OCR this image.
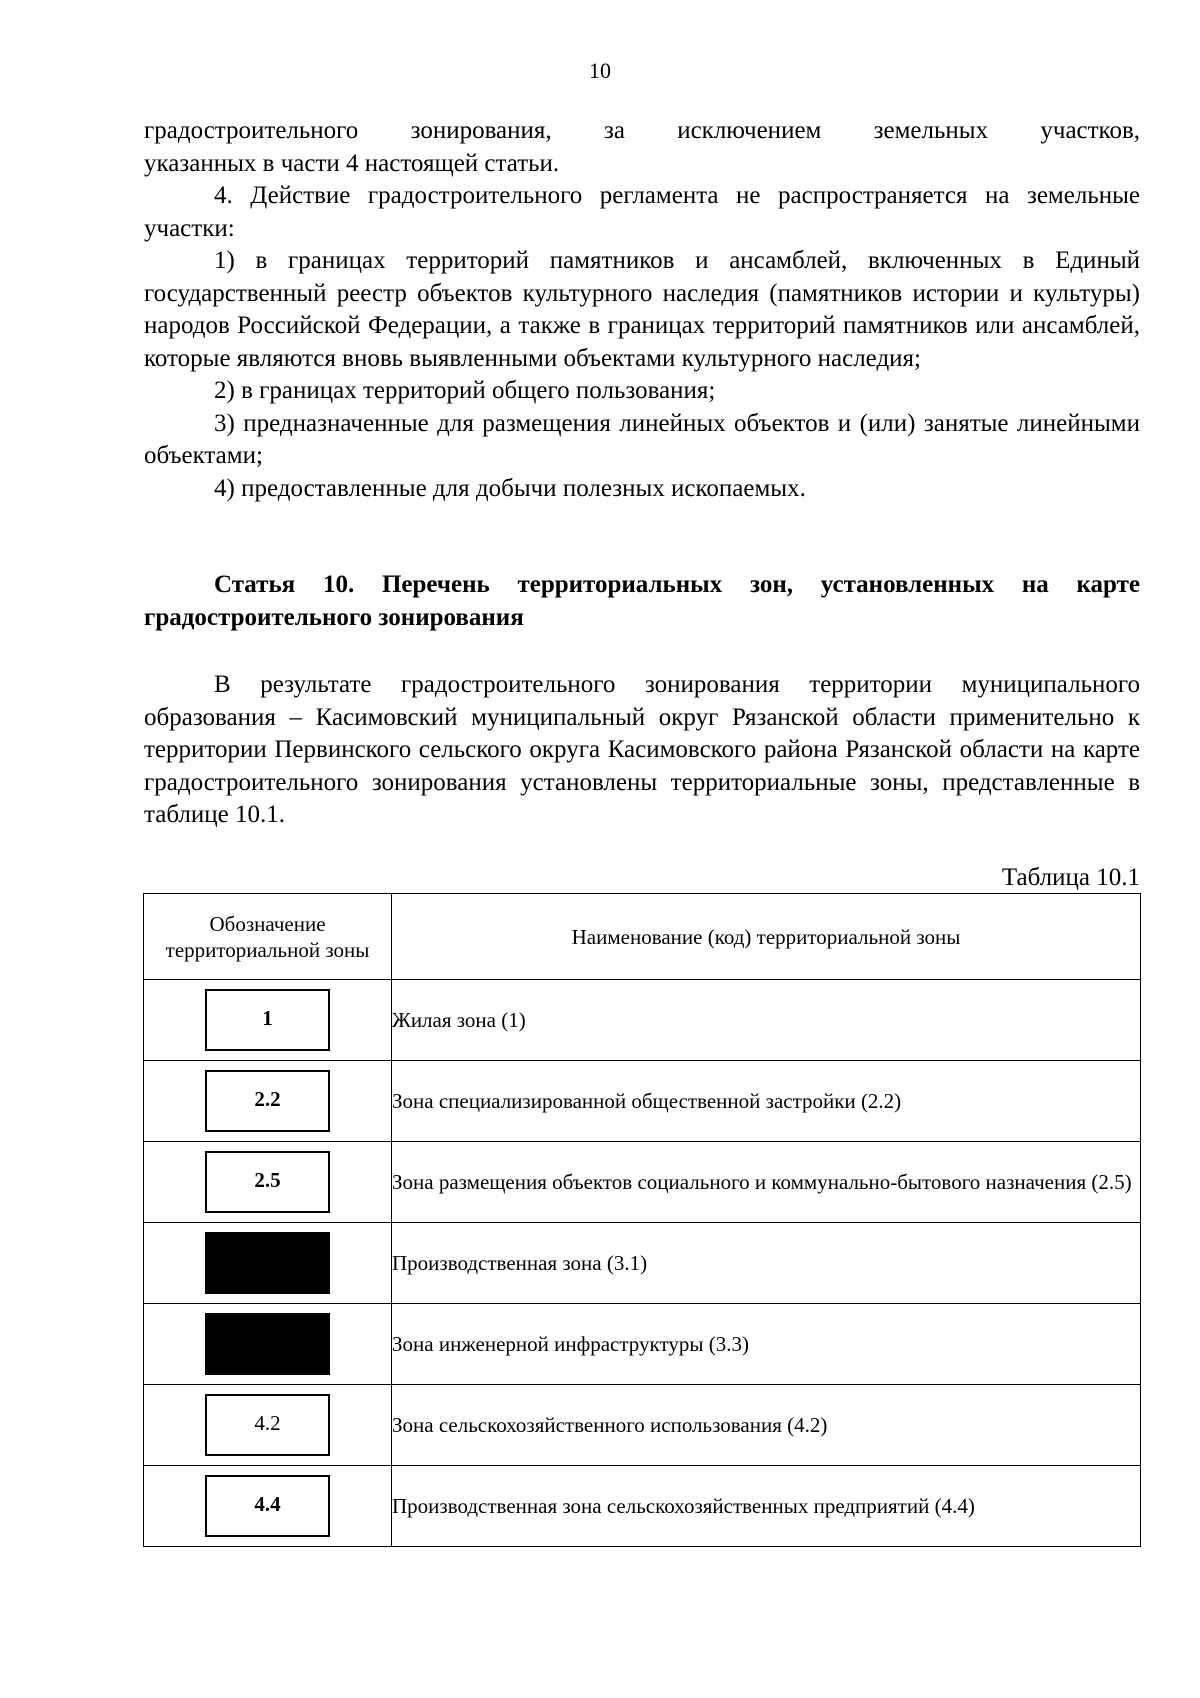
10

градостроительного зонирования, за исключением земельных участков,

указанных в части 4 настоящей статьи.

4. Действие градостроительного регламента не распространяется на земельные участки:

1) в границах территорий памятников и ансамблей, включенных в Единый государственный реестр объектов культурного наследия (памятников истории и культуры) народов Российской Федерации, а также в границах территорий памятников или ансамблей, которые являются вновь выявленными объектами культурного наследия;

2) в границах территорий общего пользования;

3) предназначенные для размещения линейных объектов и (или) занятые линейными объектами;

4) предоставленные для добычи полезных ископаемых.

Статья 10. Перечень территориальных зон, установленных на карте градостроительного зонирования

В результате градостроительного зонирования территории муниципального образования – Касимовский муниципальный округ Рязанской области применительно к территории Первинского сельского округа Касимовского района Рязанской области на карте градостроительного зонирования установлены территориальные зоны, представленные в таблице 10.1.

Таблица 10.1
Обозначение территориальной зоны	Наименование (код) территориальной зоны
1	Жилая зона (1)
2.2	Зона специализированной общественной застройки (2.2)
2.5	Зона размещения объектов социального и коммунально-бытового назначения (2.5)
	Производственная зона (3.1)
	Зона инженерной инфраструктуры (3.3)
4.2	Зона сельскохозяйственного использования (4.2)
4.4	Производственная зона сельскохозяйственных предприятий (4.4)
